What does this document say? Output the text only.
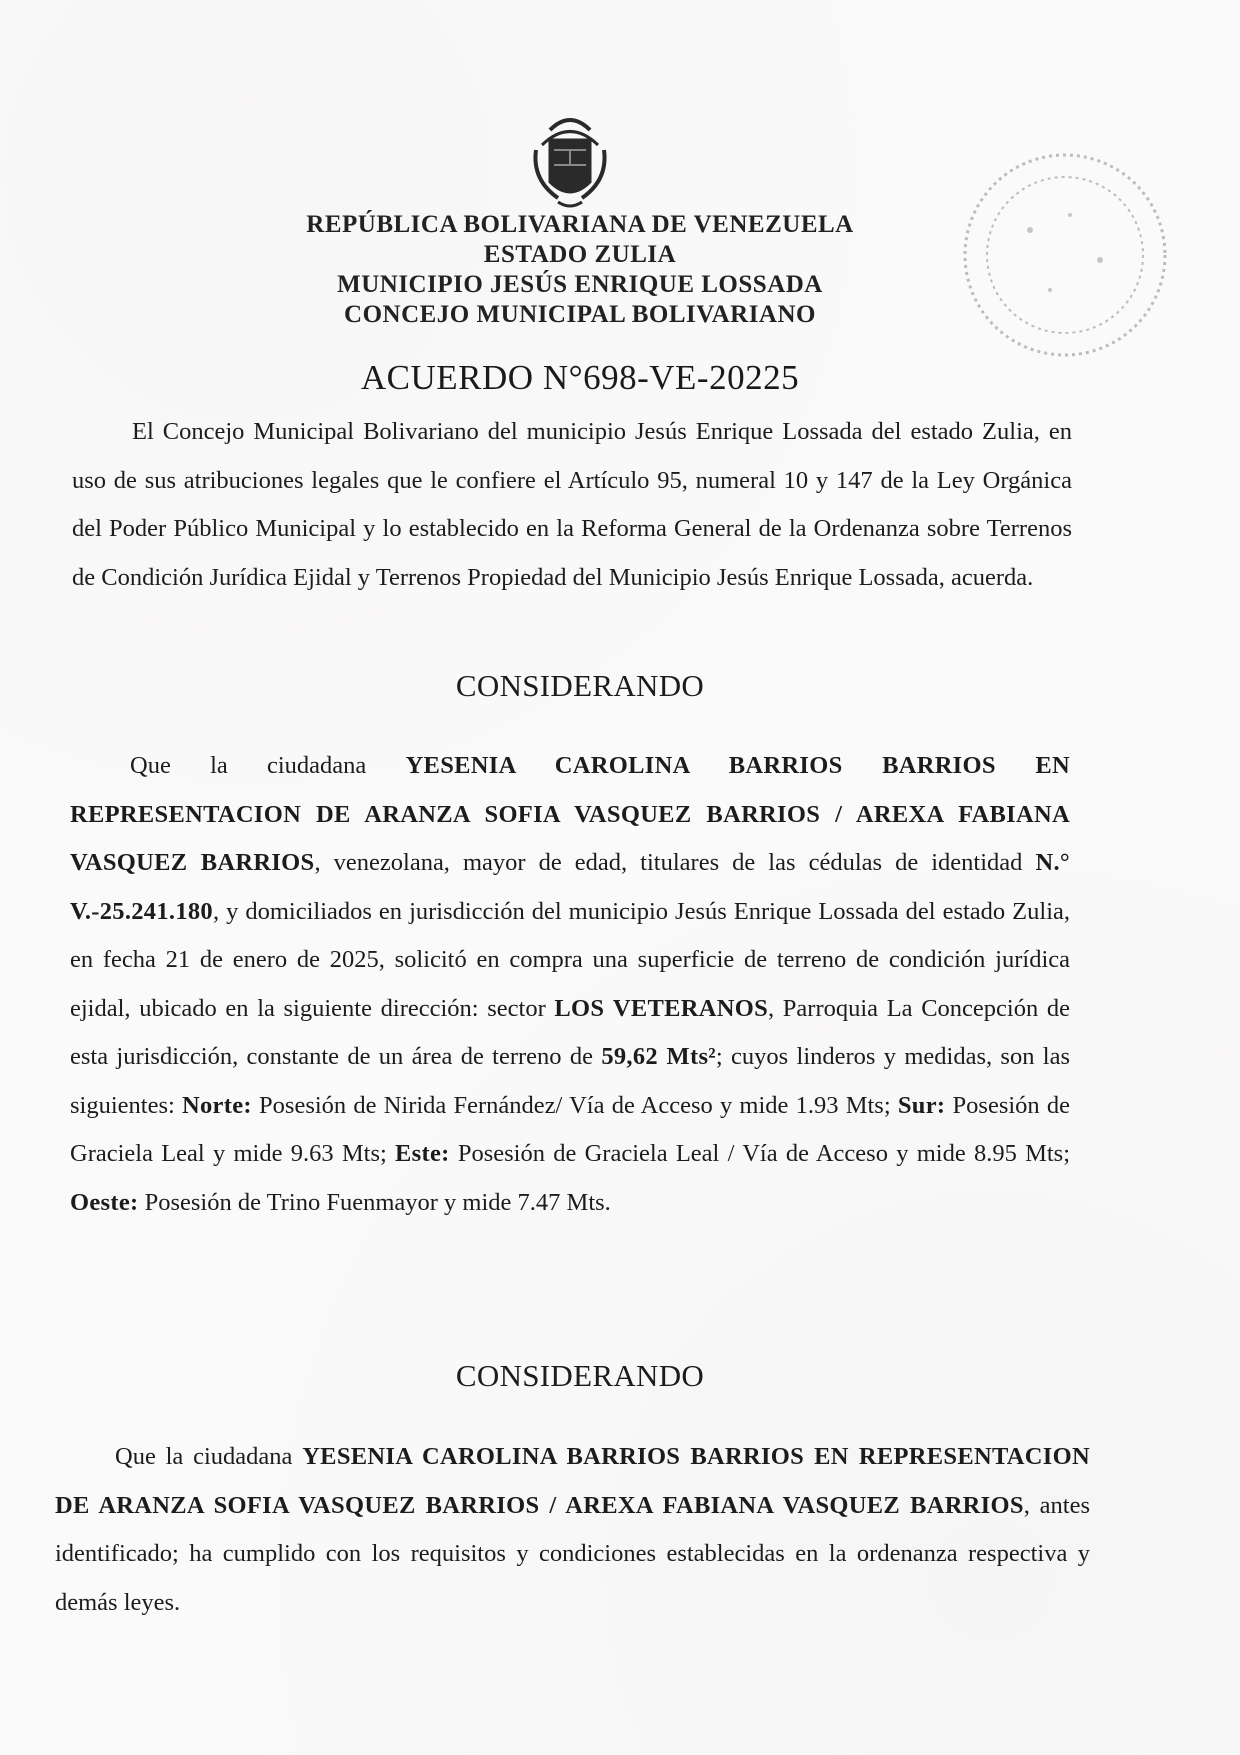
REPÚBLICA BOLIVARIANA DE VENEZUELA
ESTADO ZULIA
MUNICIPIO JESÚS ENRIQUE LOSSADA
CONCEJO MUNICIPAL BOLIVARIANO
ACUERDO N°698-VE-20225
El Concejo Municipal Bolivariano del municipio Jesús Enrique Lossada del estado Zulia, en uso de sus atribuciones legales que le confiere el Artículo 95, numeral 10 y 147 de la Ley Orgánica del Poder Público Municipal y lo establecido en la Reforma General de la Ordenanza sobre Terrenos de Condición Jurídica Ejidal y Terrenos Propiedad del Municipio Jesús Enrique Lossada, acuerda.
CONSIDERANDO
Que la ciudadana YESENIA CAROLINA BARRIOS BARRIOS EN REPRESENTACION DE ARANZA SOFIA VASQUEZ BARRIOS / AREXA FABIANA VASQUEZ BARRIOS, venezolana, mayor de edad, titulares de las cédulas de identidad N.° V.-25.241.180, y domiciliados en jurisdicción del municipio Jesús Enrique Lossada del estado Zulia, en fecha 21 de enero de 2025, solicitó en compra una superficie de terreno de condición jurídica ejidal, ubicado en la siguiente dirección: sector LOS VETERANOS, Parroquia La Concepción de esta jurisdicción, constante de un área de terreno de 59,62 Mts²; cuyos linderos y medidas, son las siguientes: Norte: Posesión de Nirida Fernández/ Vía de Acceso y mide 1.93 Mts; Sur: Posesión de Graciela Leal y mide 9.63 Mts; Este: Posesión de Graciela Leal / Vía de Acceso y mide 8.95 Mts; Oeste: Posesión de Trino Fuenmayor y mide 7.47 Mts.
CONSIDERANDO
Que la ciudadana YESENIA CAROLINA BARRIOS BARRIOS EN REPRESENTACION DE ARANZA SOFIA VASQUEZ BARRIOS / AREXA FABIANA VASQUEZ BARRIOS, antes identificado; ha cumplido con los requisitos y condiciones establecidas en la ordenanza respectiva y demás leyes.
